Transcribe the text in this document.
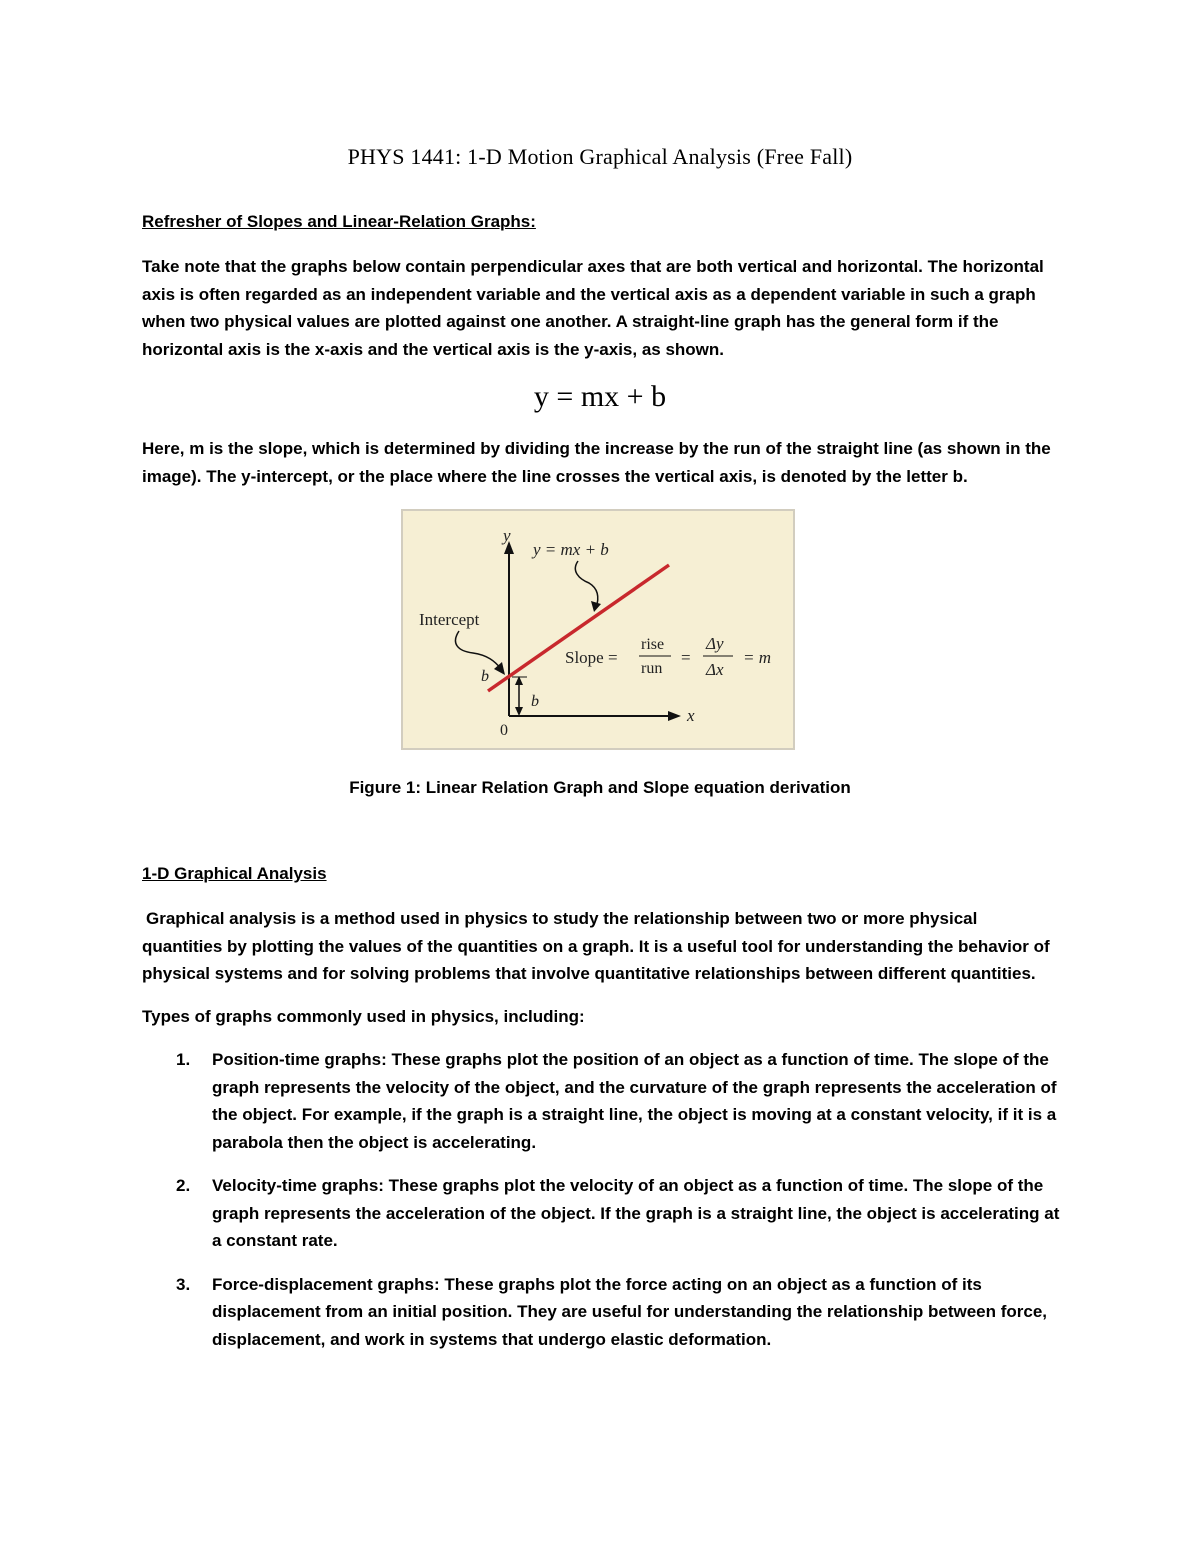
PHYS 1441: 1-D Motion Graphical Analysis (Free Fall)
Refresher of Slopes and Linear-Relation Graphs:

Take note that the graphs below contain perpendicular axes that are both vertical and horizontal. The horizontal axis is often regarded as an independent variable and the vertical axis as a dependent variable in such a graph when two physical values are plotted against one another. A straight-line graph has the general form if the horizontal axis is the x-axis and the vertical axis is the y-axis, as shown.

y = mx + b

Here, m is the slope, which is determined by dividing the increase by the run of the straight line (as shown in the image). The y-intercept, or the place where the line crosses the vertical axis, is denoted by the letter b.

y
x
y = mx + b
Intercept
b
b
0
Slope =
rise
run
=
Δy
Δx
= m
Figure 1: Linear Relation Graph and Slope equation derivation
1-D Graphical Analysis

Graphical analysis is a method used in physics to study the relationship between two or more physical quantities by plotting the values of the quantities on a graph. It is a useful tool for understanding the behavior of physical systems and for solving problems that involve quantitative relationships between different quantities.

Types of graphs commonly used in physics, including:

1. Position-time graphs: These graphs plot the position of an object as a function of time. The slope of the graph represents the velocity of the object, and the curvature of the graph represents the acceleration of the object. For example, if the graph is a straight line, the object is moving at a constant velocity, if it is a parabola then the object is accelerating.
2. Velocity-time graphs: These graphs plot the velocity of an object as a function of time. The slope of the graph represents the acceleration of the object. If the graph is a straight line, the object is accelerating at a constant rate.
3. Force-displacement graphs: These graphs plot the force acting on an object as a function of its displacement from an initial position. They are useful for understanding the relationship between force, displacement, and work in systems that undergo elastic deformation.
